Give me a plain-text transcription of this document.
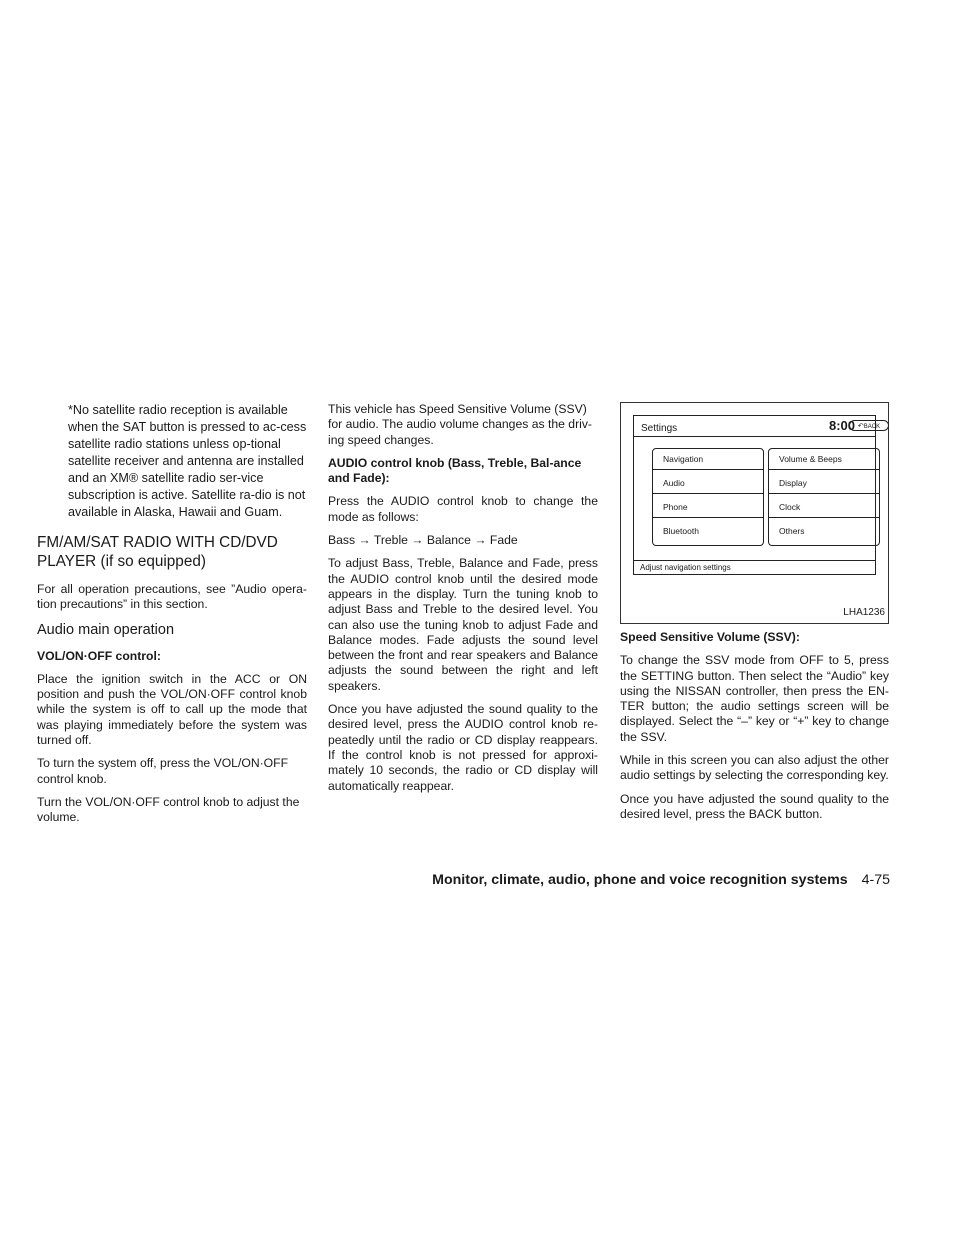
*No satellite radio reception is available when the SAT button is pressed to ac-cess satellite radio stations unless op-tional satellite receiver and antenna are installed and an XM® satellite radio ser-vice subscription is active. Satellite ra-dio is not available in Alaska, Hawaii and Guam.

FM/AM/SAT RADIO WITH CD/DVD PLAYER (if so equipped)

For all operation precautions, see ”Audio opera-tion precautions” in this section.

Audio main operation

VOL/ON·OFF control:

Place the ignition switch in the ACC or ON position and push the VOL/ON·OFF control knob while the system is off to call up the mode that was playing immediately before the system was turned off.

To turn the system off, press the VOL/ON·OFF control knob.

Turn the VOL/ON·OFF control knob to adjust the volume.

This vehicle has Speed Sensitive Volume (SSV) for audio. The audio volume changes as the driv-ing speed changes.

AUDIO control knob (Bass, Treble, Bal-ance and Fade):

Press the AUDIO control knob to change the mode as follows:

Bass → Treble → Balance → Fade

To adjust Bass, Treble, Balance and Fade, press the AUDIO control knob until the desired mode appears in the display. Turn the tuning knob to adjust Bass and Treble to the desired level. You can also use the tuning knob to adjust Fade and Balance modes. Fade adjusts the sound level between the front and rear speakers and Balance adjusts the sound between the right and left speakers.

Once you have adjusted the sound quality to the desired level, press the AUDIO control knob re-peatedly until the radio or CD display reappears. If the control knob is not pressed for approxi-mately 10 seconds, the radio or CD display will automatically reappear.

Settings	8:00 ↶BACK
Navigation
Audio
Phone
Bluetooth
Volume & Beeps
Display
Clock
Others
Adjust navigation settings
LHA1236

Speed Sensitive Volume (SSV):

To change the SSV mode from OFF to 5, press the SETTING button. Then select the “Audio” key using the NISSAN controller, then press the EN-TER button; the audio settings screen will be displayed. Select the “–” key or “+” key to change the SSV.

While in this screen you can also adjust the other audio settings by selecting the corresponding key.

Once you have adjusted the sound quality to the desired level, press the BACK button.

Monitor, climate, audio, phone and voice recognition systems 4-75
